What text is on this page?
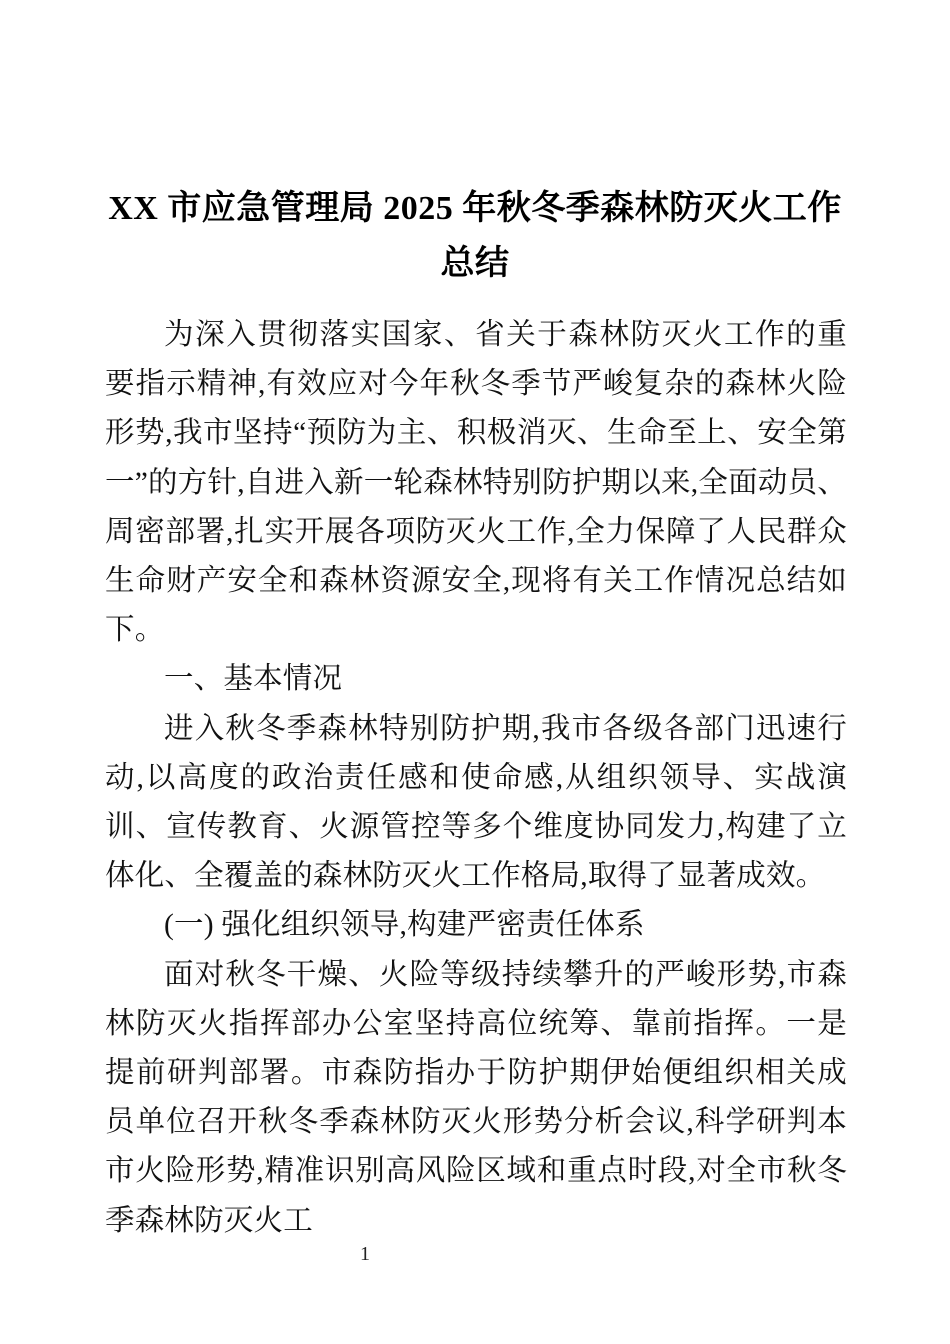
XX 市应急管理局 2025 年秋冬季森林防灭火工作总结

为深入贯彻落实国家、省关于森林防灭火工作的重要指示精神,有效应对今年秋冬季节严峻复杂的森林火险形势,我市坚持“预防为主、积极消灭、生命至上、安全第一”的方针,自进入新一轮森林特别防护期以来,全面动员、周密部署,扎实开展各项防灭火工作,全力保障了人民群众生命财产安全和森林资源安全,现将有关工作情况总结如下。

一、基本情况

进入秋冬季森林特别防护期,我市各级各部门迅速行动,以高度的政治责任感和使命感,从组织领导、实战演训、宣传教育、火源管控等多个维度协同发力,构建了立体化、全覆盖的森林防灭火工作格局,取得了显著成效。

(一) 强化组织领导,构建严密责任体系

面对秋冬干燥、火险等级持续攀升的严峻形势,市森林防灭火指挥部办公室坚持高位统筹、靠前指挥。一是提前研判部署。市森防指办于防护期伊始便组织相关成员单位召开秋冬季森林防灭火形势分析会议,科学研判本市火险形势,精准识别高风险区域和重点时段,对全市秋冬季森林防灭火工

1
